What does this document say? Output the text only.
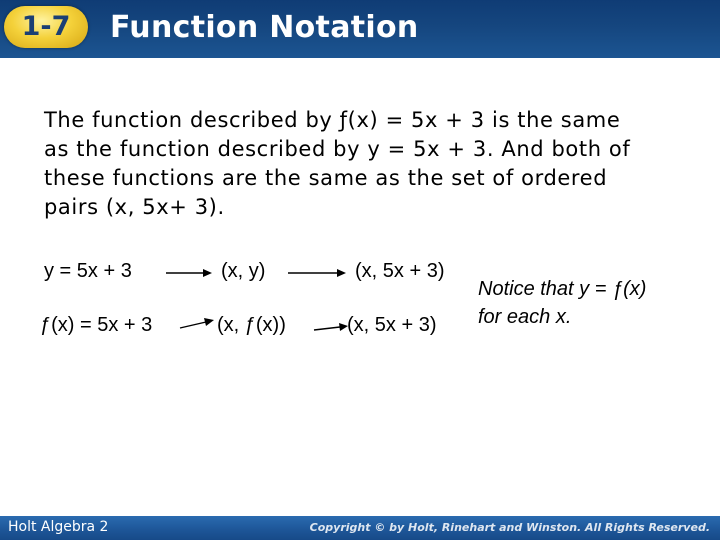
1-7	Function Notation
The function described by ƒ(x) = 5x + 3 is the same
as the function described by y = 5x + 3. And both of
these functions are the same as the set of ordered
pairs (x, 5x+ 3).
y = 5x + 3	(x, y)	(x, 5x + 3)
ƒ(x) = 5x + 3	(x, ƒ(x))	(x, 5x + 3)
Notice that y = ƒ(x)
for each x.
Holt Algebra 2	Copyright © by Holt, Rinehart and Winston. All Rights Reserved.
